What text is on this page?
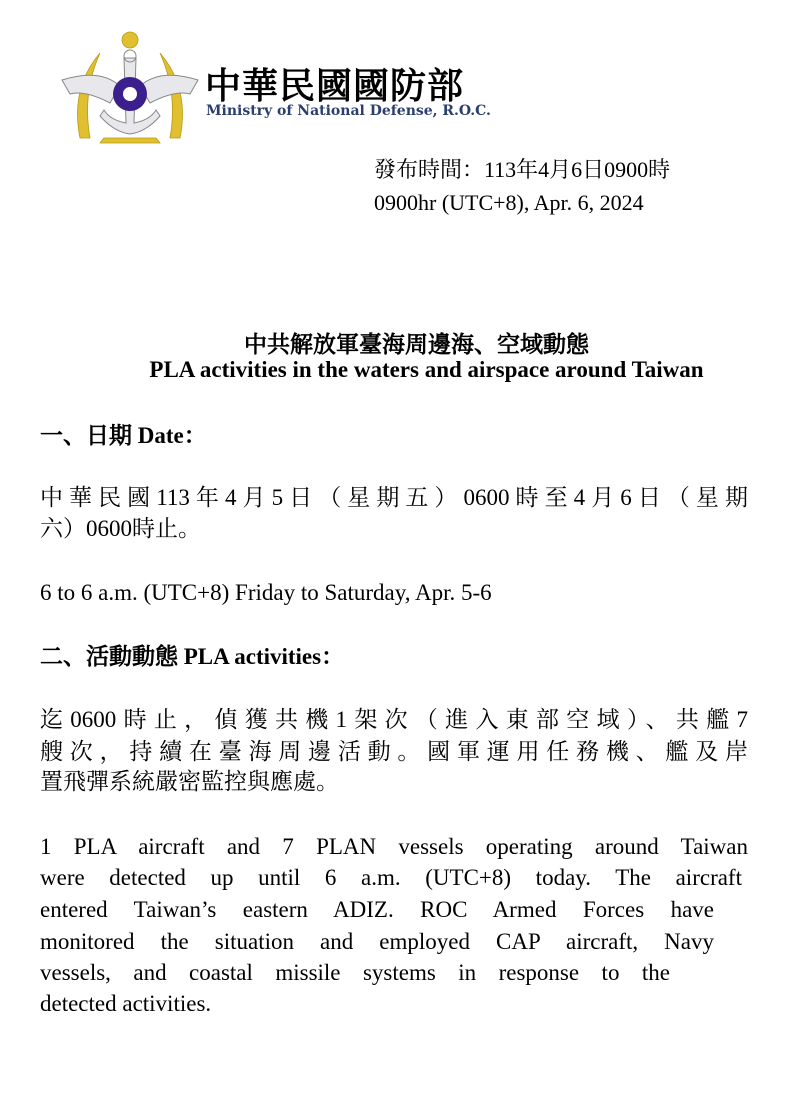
中華民國國防部
Ministry of National Defense, R.O.C.
發布時間：113年4月6日0900時
0900hr (UTC+8), Apr. 6, 2024
中共解放軍臺海周邊海、空域動態
PLA activities in the waters and airspace around Taiwan
一、日期 Date：
中華民國113年4月5日（星期五）0600時至4月6日（星期
六）0600時止。
6 to 6 a.m. (UTC+8) Friday to Saturday, Apr. 5-6
二、活動動態 PLA activities：
迄0600時止，偵獲共機1架次（進入東部空域）、共艦7
艘次，持續在臺海周邊活動。國軍運用任務機、艦及岸
置飛彈系統嚴密監控與應處。
1 PLA aircraft and 7 PLAN vessels operating around Taiwan
were detected up until 6 a.m. (UTC+8) today. The aircraft
entered Taiwan’s eastern ADIZ. ROC Armed Forces have
monitored the situation and employed CAP aircraft, Navy
vessels, and coastal missile systems in response to the
detected activities.
